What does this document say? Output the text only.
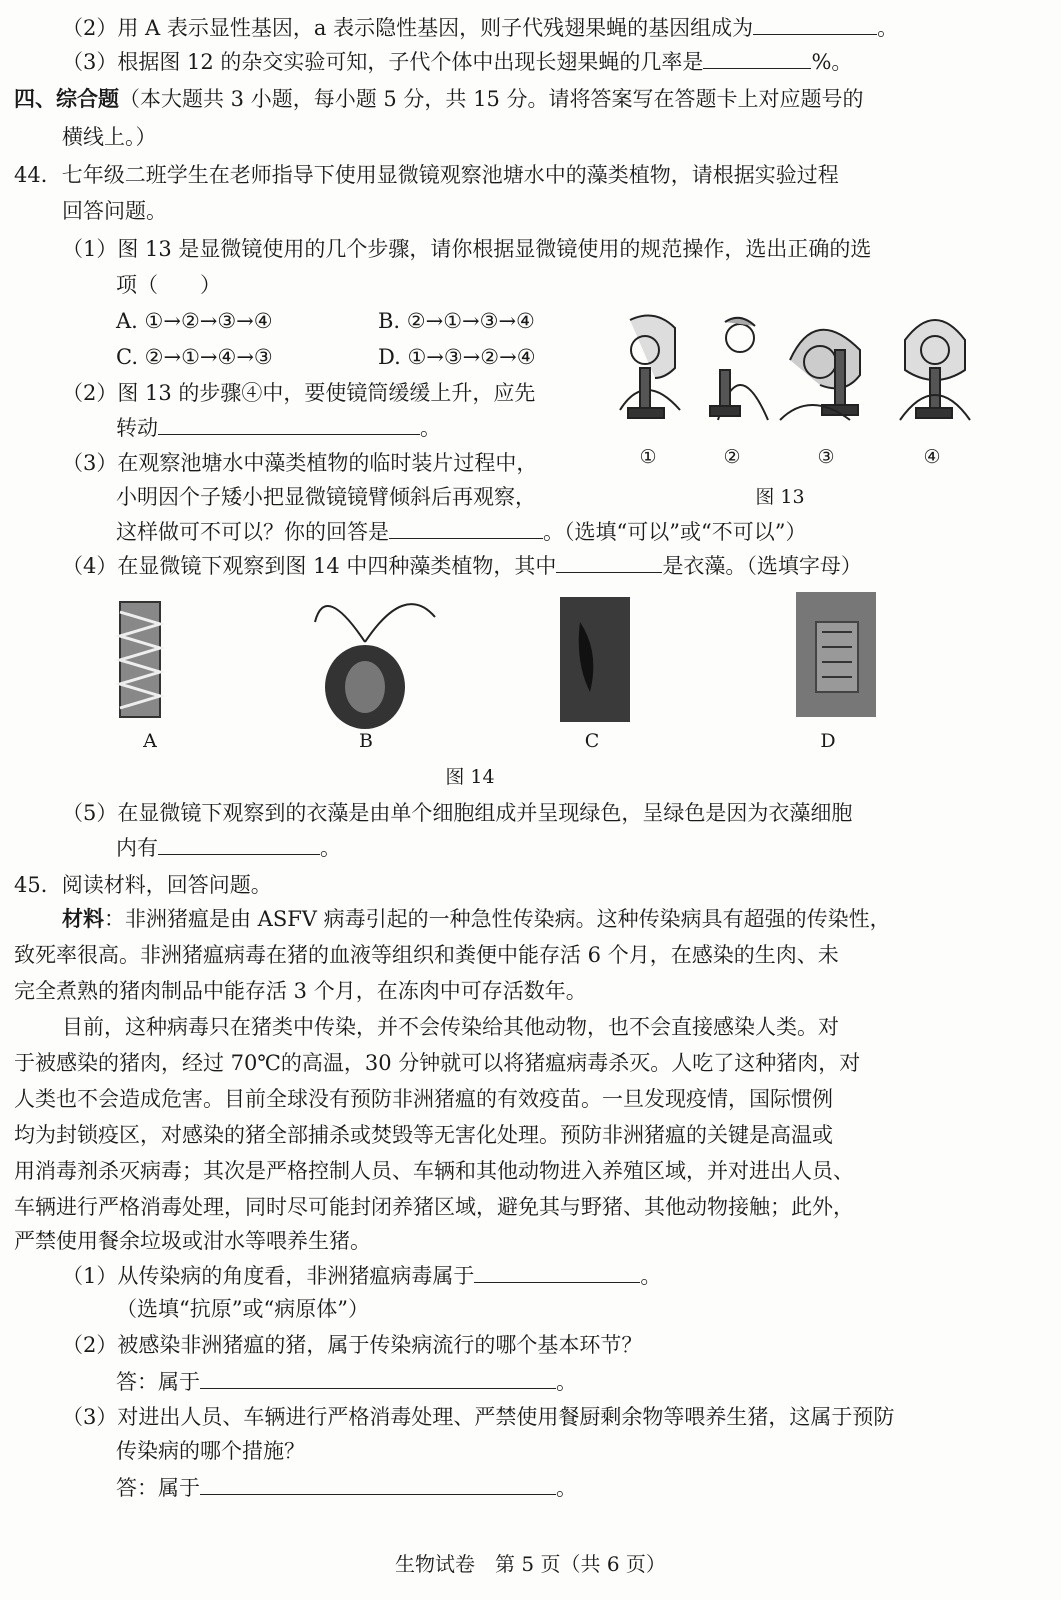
（2）用 A 表示显性基因，a 表示隐性基因，则子代残翅果蝇的基因组成为	。
（3）根据图 12 的杂交实验可知，子代个体中出现长翅果蝇的几率是	%。
四、综合题（本大题共 3 小题，每小题 5 分，共 15 分。请将答案写在答题卡上对应题号的
横线上。）
44．七年级二班学生在老师指导下使用显微镜观察池塘水中的藻类植物，请根据实验过程
回答问题。
（1）图 13 是显微镜使用的几个步骤，请你根据显微镜使用的规范操作，选出正确的选
项（　　）
A. ①→②→③→④	B. ②→①→③→④
C. ②→①→④→③	D. ①→③→②→④
（2）图 13 的步骤④中，要使镜筒缓缓上升，应先
转动	。
（3）在观察池塘水中藻类植物的临时装片过程中，
小明因个子矮小把显微镜镜臂倾斜后再观察，
这样做可不可以？你的回答是	。（选填“可以”或“不可以”）
①	②	③	④
图 13
（4）在显微镜下观察到图 14 中四种藻类植物，其中	是衣藻。（选填字母）
A	B	C	D
图 14
（5）在显微镜下观察到的衣藻是由单个细胞组成并呈现绿色，呈绿色是因为衣藻细胞
内有	。
45．阅读材料，回答问题。
材料：非洲猪瘟是由 ASFV 病毒引起的一种急性传染病。这种传染病具有超强的传染性，
致死率很高。非洲猪瘟病毒在猪的血液等组织和粪便中能存活 6 个月，在感染的生肉、未
完全煮熟的猪肉制品中能存活 3 个月，在冻肉中可存活数年。
目前，这种病毒只在猪类中传染，并不会传染给其他动物，也不会直接感染人类。对
于被感染的猪肉，经过 70℃的高温，30 分钟就可以将猪瘟病毒杀灭。人吃了这种猪肉，对
人类也不会造成危害。目前全球没有预防非洲猪瘟的有效疫苗。一旦发现疫情，国际惯例
均为封锁疫区，对感染的猪全部捕杀或焚毁等无害化处理。预防非洲猪瘟的关键是高温或
用消毒剂杀灭病毒；其次是严格控制人员、车辆和其他动物进入养殖区域，并对进出人员、
车辆进行严格消毒处理，同时尽可能封闭养猪区域，避免其与野猪、其他动物接触；此外，
严禁使用餐余垃圾或泔水等喂养生猪。
（1）从传染病的角度看，非洲猪瘟病毒属于	。
（选填“抗原”或“病原体”）
（2）被感染非洲猪瘟的猪，属于传染病流行的哪个基本环节？
答：属于	。
（3）对进出人员、车辆进行严格消毒处理、严禁使用餐厨剩余物等喂养生猪，这属于预防
传染病的哪个措施？
答：属于	。
生物试卷　第 5 页（共 6 页）
